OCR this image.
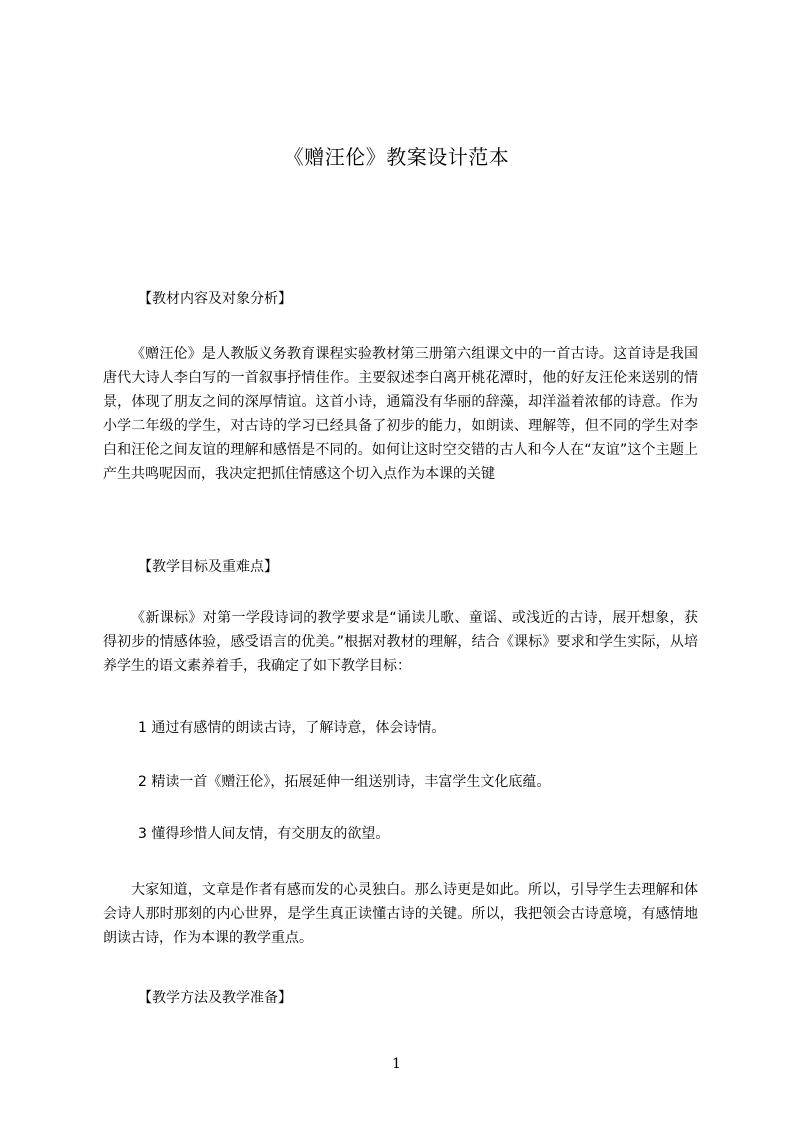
《赠汪伦》教案设计范本
【教材内容及对象分析】

《赠汪伦》是人教版义务教育课程实验教材第三册第六组课文中的一首古诗。这首诗是我国唐代大诗人李白写的一首叙事抒情佳作。主要叙述李白离开桃花潭时，他的好友汪伦来送别的情景，体现了朋友之间的深厚情谊。这首小诗，通篇没有华丽的辞藻，却洋溢着浓郁的诗意。作为小学二年级的学生，对古诗的学习已经具备了初步的能力，如朗读、理解等，但不同的学生对李白和汪伦之间友谊的理解和感悟是不同的。如何让这时空交错的古人和今人在“友谊”这个主题上产生共鸣呢因而，我决定把抓住情感这个切入点作为本课的关键

【教学目标及重难点】

《新课标》对第一学段诗词的教学要求是“诵读儿歌、童谣、或浅近的古诗，展开想象，获得初步的情感体验，感受语言的优美。”根据对教材的理解，结合《课标》要求和学生实际，从培养学生的语文素养着手，我确定了如下教学目标：

1 通过有感情的朗读古诗，了解诗意，体会诗情。
2 精读一首《赠汪伦》，拓展延伸一组送别诗，丰富学生文化底蕴。
3 懂得珍惜人间友情，有交朋友的欲望。

大家知道，文章是作者有感而发的心灵独白。那么诗更是如此。所以，引导学生去理解和体会诗人那时那刻的内心世界，是学生真正读懂古诗的关键。所以，我把领会古诗意境，有感情地朗读古诗，作为本课的教学重点。

【教学方法及教学准备】
1
